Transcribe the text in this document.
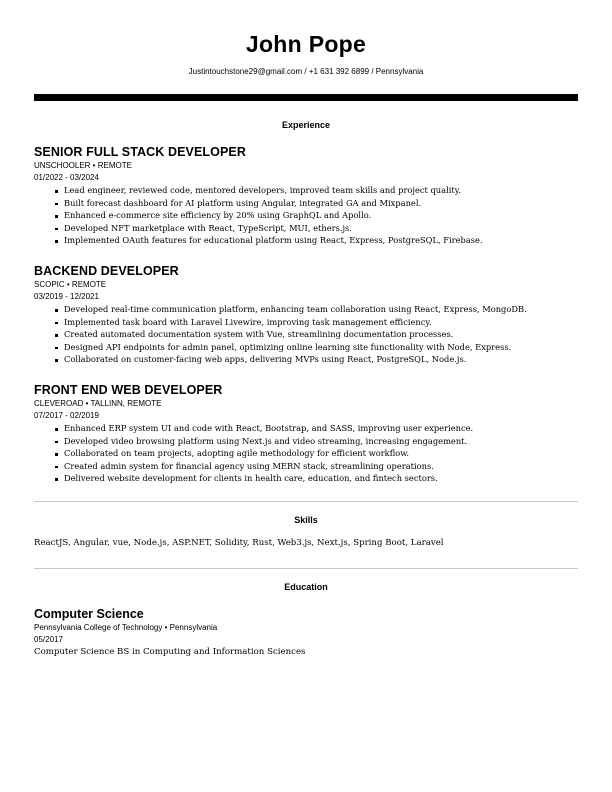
John Pope
Justintouchstone29@gmail.com / +1 631 392 6899 / Pennsylvania
Experience
SENIOR FULL STACK DEVELOPER
UNSCHOOLER • REMOTE
01/2022 - 03/2024
Lead engineer, reviewed code, mentored developers, improved team skills and project quality.
Built forecast dashboard for AI platform using Angular, integrated GA and Mixpanel.
Enhanced e-commerce site efficiency by 20% using GraphQL and Apollo.
Developed NFT marketplace with React, TypeScript, MUI, ethers.js.
Implemented OAuth features for educational platform using React, Express, PostgreSQL, Firebase.
BACKEND DEVELOPER
SCOPIC • REMOTE
03/2019 - 12/2021
Developed real-time communication platform, enhancing team collaboration using React, Express, MongoDB.
Implemented task board with Laravel Livewire, improving task management efficiency.
Created automated documentation system with Vue, streamlining documentation processes.
Designed API endpoints for admin panel, optimizing online learning site functionality with Node, Express.
Collaborated on customer-facing web apps, delivering MVPs using React, PostgreSQL, Node.js.
FRONT END WEB DEVELOPER
CLEVEROAD • TALLINN, REMOTE
07/2017 - 02/2019
Enhanced ERP system UI and code with React, Bootstrap, and SASS, improving user experience.
Developed video browsing platform using Next.js and video streaming, increasing engagement.
Collaborated on team projects, adopting agile methodology for efficient workflow.
Created admin system for financial agency using MERN stack, streamlining operations.
Delivered website development for clients in health care, education, and fintech sectors.
Skills
ReactJS, Angular, vue, Node.js, ASP.NET, Solidity, Rust, Web3.js, Next.js, Spring Boot, Laravel
Education
Computer Science
Pennsylvania College of Technology • Pennsylvania
05/2017
Computer Science BS in Computing and Information Sciences
